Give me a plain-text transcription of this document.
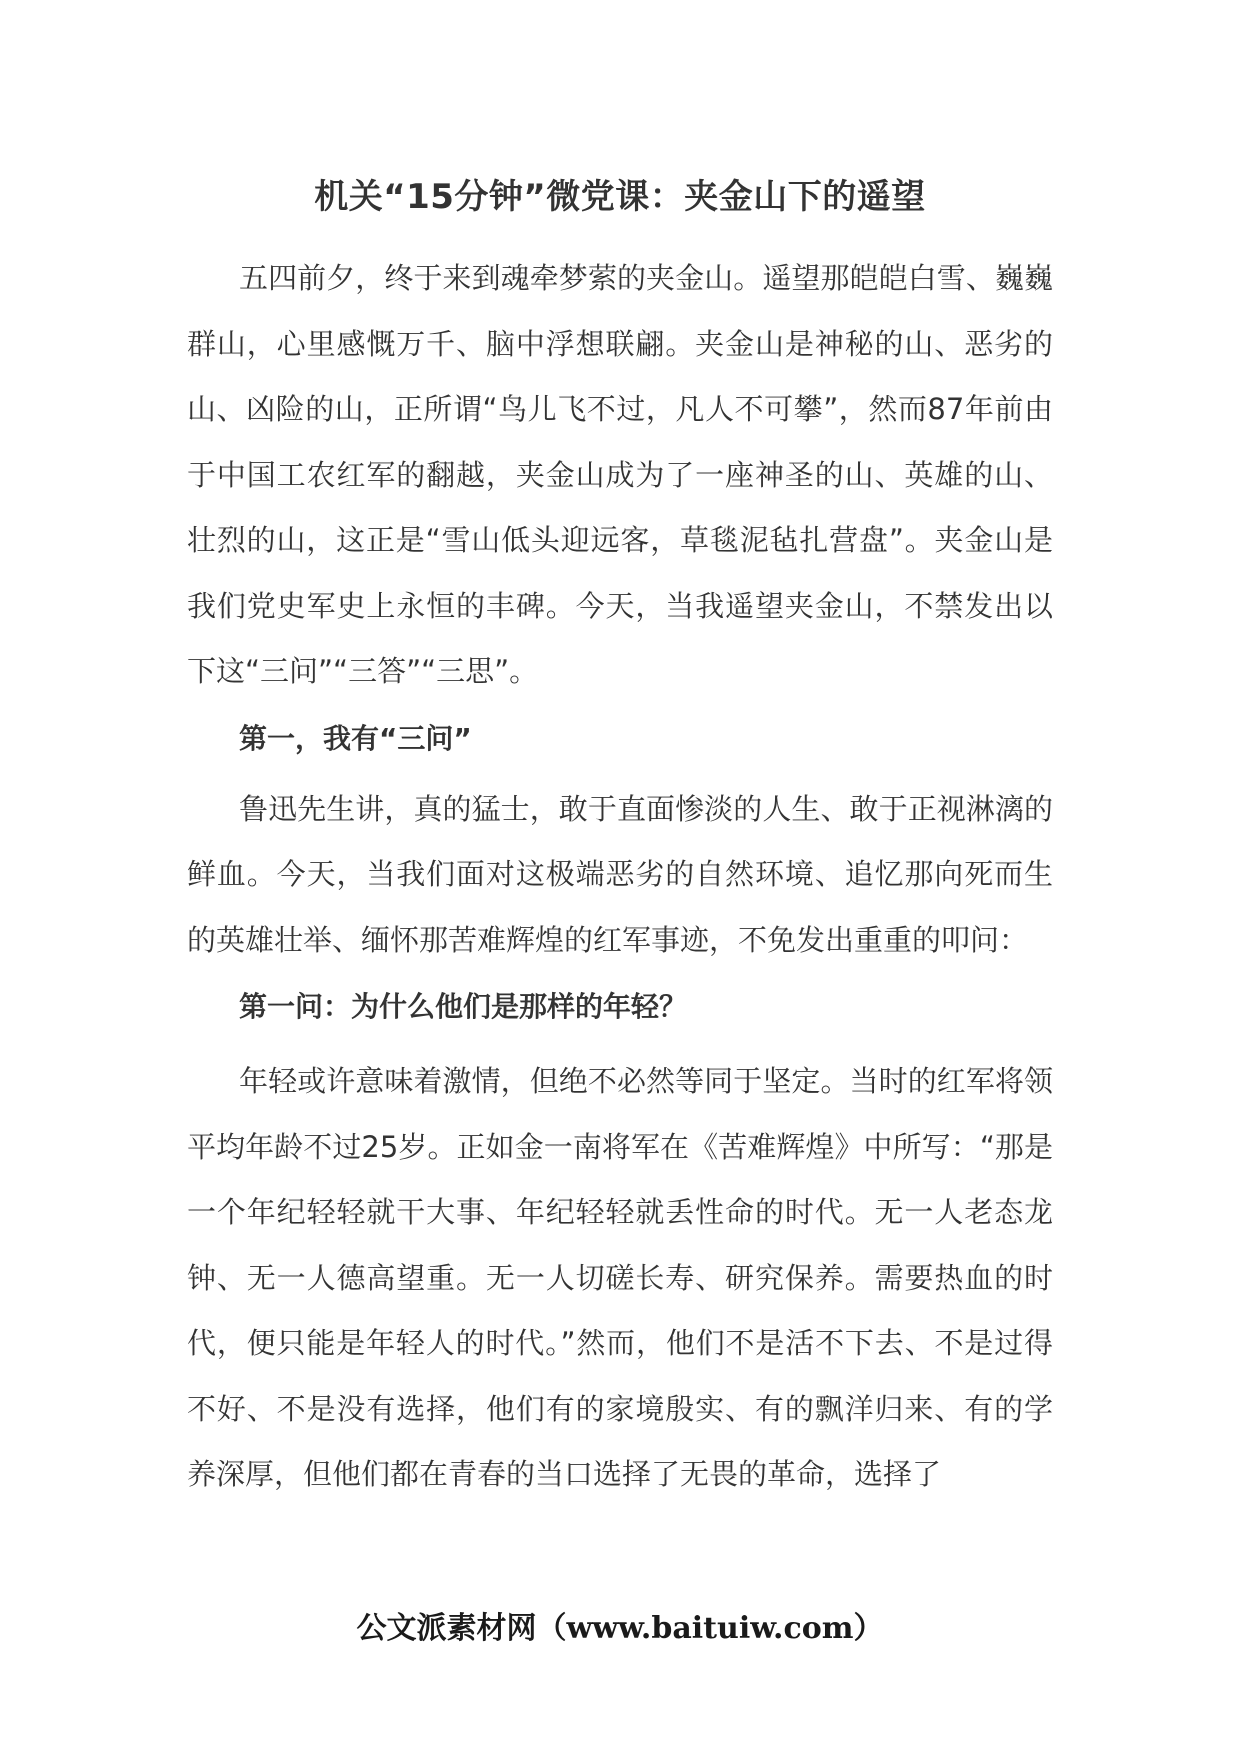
机关“15分钟”微党课：夹金山下的遥望

五四前夕，终于来到魂牵梦萦的夹金山。遥望那皑皑白雪、巍巍群山，心里感慨万千、脑中浮想联翩。夹金山是神秘的山、恶劣的山、凶险的山，正所谓“鸟儿飞不过，凡人不可攀”，然而87年前由于中国工农红军的翻越，夹金山成为了一座神圣的山、英雄的山、壮烈的山，这正是“雪山低头迎远客，草毯泥毡扎营盘”。夹金山是我们党史军史上永恒的丰碑。今天，当我遥望夹金山，不禁发出以下这“三问”“三答”“三思”。

第一，我有“三问”

鲁迅先生讲，真的猛士，敢于直面惨淡的人生、敢于正视淋漓的鲜血。今天，当我们面对这极端恶劣的自然环境、追忆那向死而生的英雄壮举、缅怀那苦难辉煌的红军事迹，不免发出重重的叩问：

第一问：为什么他们是那样的年轻？

年轻或许意味着激情，但绝不必然等同于坚定。当时的红军将领平均年龄不过25岁。正如金一南将军在《苦难辉煌》中所写：“那是一个年纪轻轻就干大事、年纪轻轻就丢性命的时代。无一人老态龙钟、无一人德高望重。无一人切磋长寿、研究保养。需要热血的时代，便只能是年轻人的时代。”然而，他们不是活不下去、不是过得不好、不是没有选择，他们有的家境殷实、有的飘洋归来、有的学养深厚，但他们都在青春的当口选择了无畏的革命，选择了

公文派素材网（www.baituiw.com）
